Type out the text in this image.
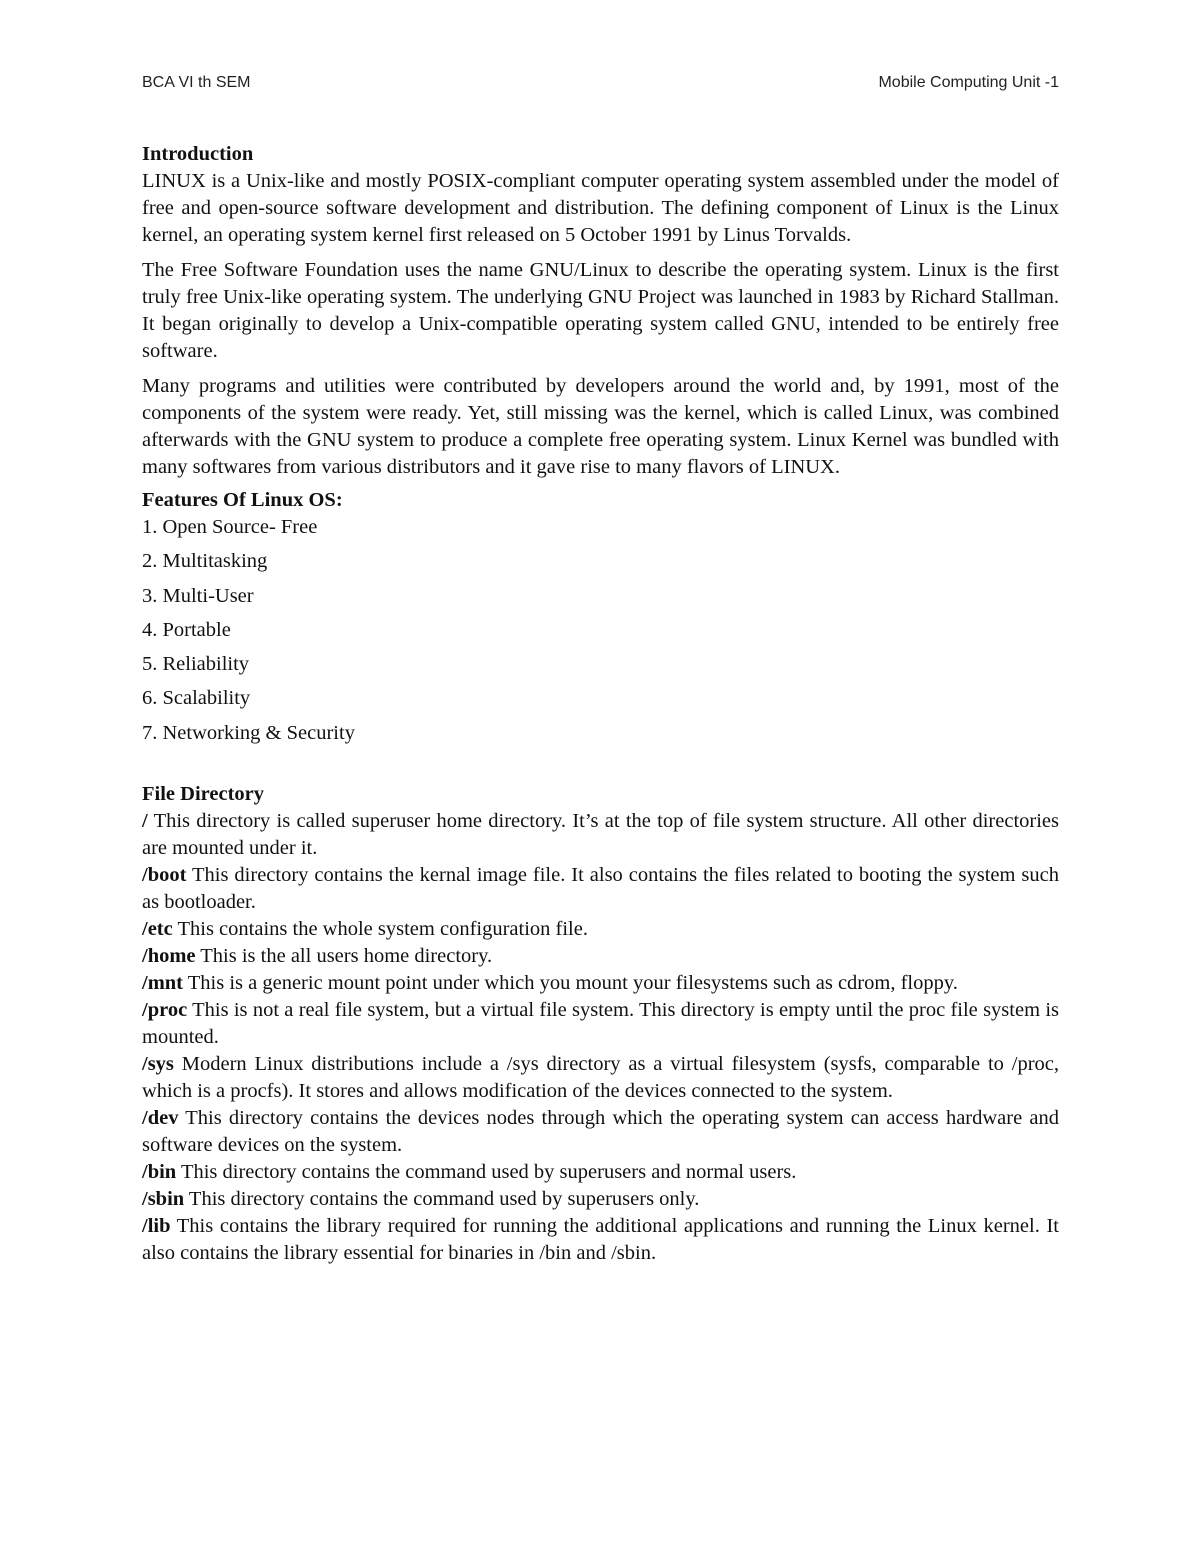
BCA VI th SEM	Mobile Computing Unit -1
Introduction

LINUX is a Unix-like and mostly POSIX-compliant computer operating system assembled under the model of free and open-source software development and distribution. The defining component of Linux is the Linux kernel, an operating system kernel first released on 5 October 1991 by Linus Torvalds.

The Free Software Foundation uses the name GNU/Linux to describe the operating system. Linux is the first truly free Unix-like operating system. The underlying GNU Project was launched in 1983 by Richard Stallman. It began originally to develop a Unix-compatible operating system called GNU, intended to be entirely free software.

Many programs and utilities were contributed by developers around the world and, by 1991, most of the components of the system were ready. Yet, still missing was the kernel, which is called Linux, was combined afterwards with the GNU system to produce a complete free operating system. Linux Kernel was bundled with many softwares from various distributors and it gave rise to many flavors of LINUX.

Features Of Linux OS:
1. Open Source- Free
2. Multitasking
3. Multi-User
4. Portable
5. Reliability
6. Scalability
7. Networking & Security
File Directory

/ This directory is called superuser home directory. It’s at the top of file system structure. All other directories are mounted under it.

/boot This directory contains the kernal image file. It also contains the files related to booting the system such as bootloader.

/etc This contains the whole system configuration file.

/home This is the all users home directory.

/mnt This is a generic mount point under which you mount your filesystems such as cdrom, floppy.

/proc This is not a real file system, but a virtual file system. This directory is empty until the proc file system is mounted.

/sys Modern Linux distributions include a /sys directory as a virtual filesystem (sysfs, comparable to /proc, which is a procfs). It stores and allows modification of the devices connected to the system.

/dev This directory contains the devices nodes through which the operating system can access hardware and software devices on the system.

/bin This directory contains the command used by superusers and normal users.

/sbin This directory contains the command used by superusers only.

/lib This contains the library required for running the additional applications and running the Linux kernel. It also contains the library essential for binaries in /bin and /sbin.
